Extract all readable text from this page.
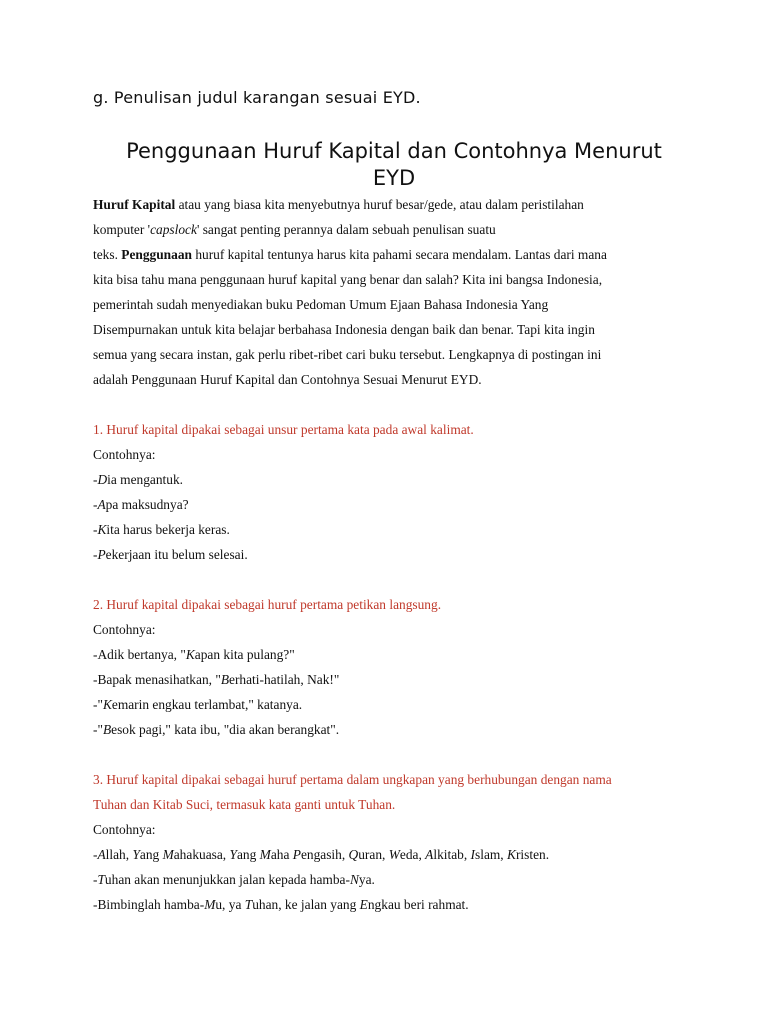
g. Penulisan judul karangan sesuai EYD.
Penggunaan Huruf Kapital dan Contohnya Menurut
EYD

Huruf Kapital atau yang biasa kita menyebutnya huruf besar/gede, atau dalam peristilahan

komputer 'capslock' sangat penting perannya dalam sebuah penulisan suatu

teks. Penggunaan huruf kapital tentunya harus kita pahami secara mendalam. Lantas dari mana

kita bisa tahu mana penggunaan huruf kapital yang benar dan salah? Kita ini bangsa Indonesia,

pemerintah sudah menyediakan buku Pedoman Umum Ejaan Bahasa Indonesia Yang

Disempurnakan untuk kita belajar berbahasa Indonesia dengan baik dan benar. Tapi kita ingin

semua yang secara instan, gak perlu ribet-ribet cari buku tersebut. Lengkapnya di postingan ini

adalah Penggunaan Huruf Kapital dan Contohnya Sesuai Menurut EYD.

1. Huruf kapital dipakai sebagai unsur pertama kata pada awal kalimat.

Contohnya:

-Dia mengantuk.

-Apa maksudnya?

-Kita harus bekerja keras.

-Pekerjaan itu belum selesai.

2. Huruf kapital dipakai sebagai huruf pertama petikan langsung.

Contohnya:

-Adik bertanya, "Kapan kita pulang?"

-Bapak menasihatkan, "Berhati-hatilah, Nak!"

-"Kemarin engkau terlambat," katanya.

-"Besok pagi," kata ibu, "dia akan berangkat".

3. Huruf kapital dipakai sebagai huruf pertama dalam ungkapan yang berhubungan dengan nama

Tuhan dan Kitab Suci, termasuk kata ganti untuk Tuhan.

Contohnya:

-Allah, Yang Mahakuasa, Yang Maha Pengasih, Quran, Weda, Alkitab, Islam, Kristen.

-Tuhan akan menunjukkan jalan kepada hamba-Nya.

-Bimbinglah hamba-Mu, ya Tuhan, ke jalan yang Engkau beri rahmat.
